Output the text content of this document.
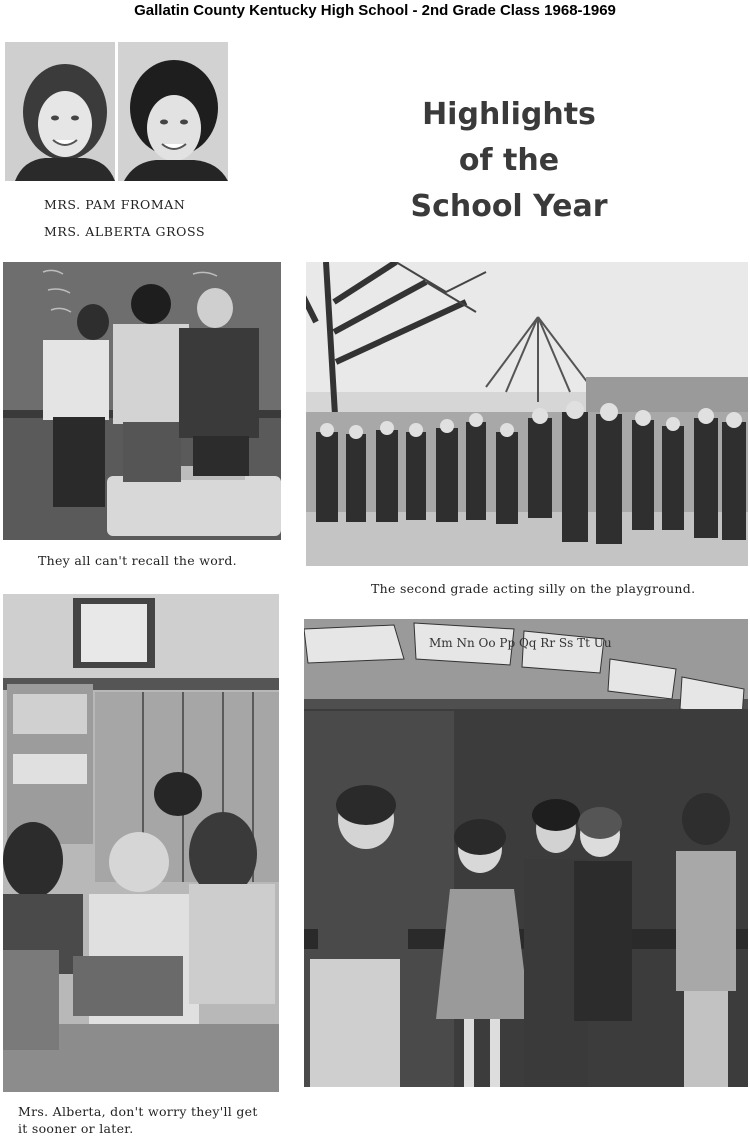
Gallatin County Kentucky High School - 2nd Grade Class 1968-1969
MRS. PAM FROMAN
MRS. ALBERTA GROSS
Highlights
of the
School Year
They all can't recall the word.
The second grade acting silly on the playground.
Mrs. Alberta, don't worry they'll get
it sooner or later.
Mm Nn Oo Pp Qq Rr Ss Tt Uu
